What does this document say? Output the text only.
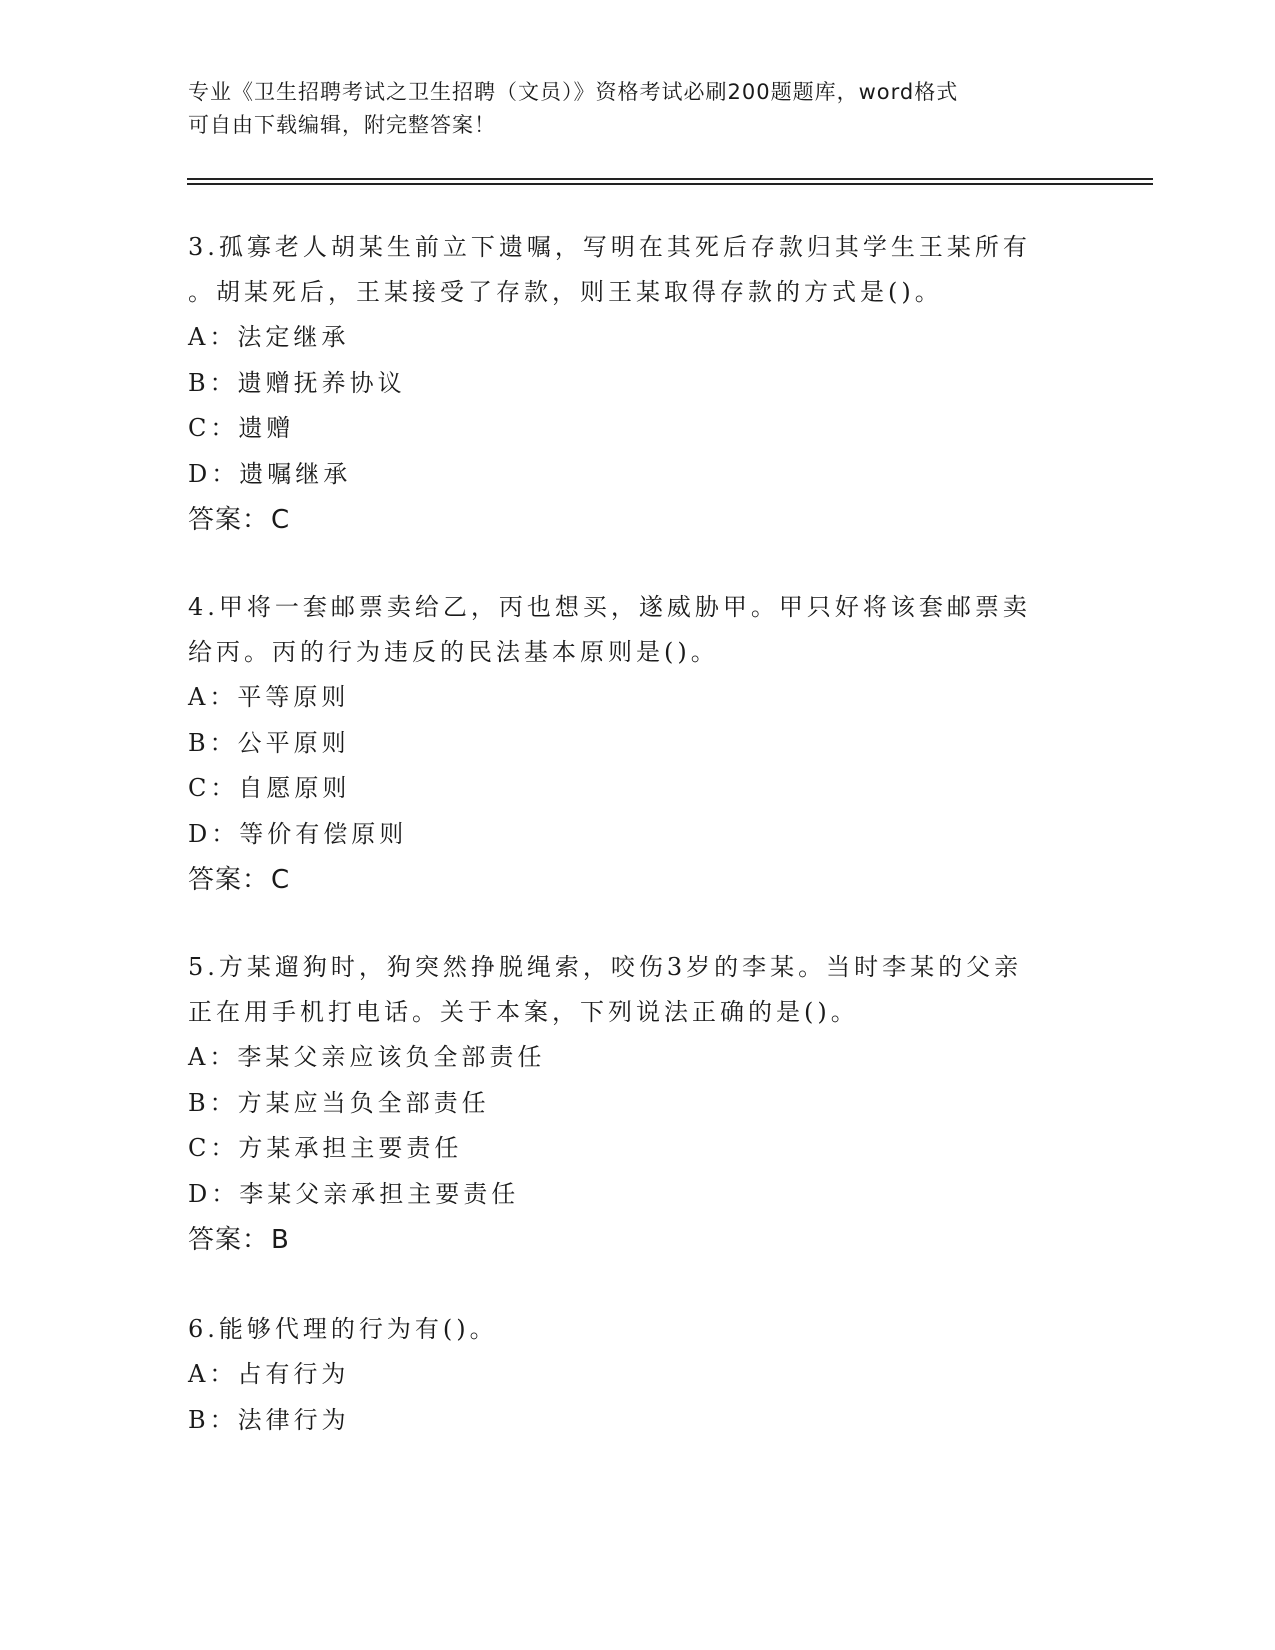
专业《卫生招聘考试之卫生招聘（文员）》资格考试必刷200题题库，word格式
可自由下载编辑，附完整答案！

3.孤寡老人胡某生前立下遗嘱，写明在其死后存款归其学生王某所有

。胡某死后，王某接受了存款，则王某取得存款的方式是()。

A：法定继承

B：遗赠抚养协议

C：遗赠

D：遗嘱继承

答案：C

4.甲将一套邮票卖给乙，丙也想买，遂威胁甲。甲只好将该套邮票卖

给丙。丙的行为违反的民法基本原则是()。

A：平等原则

B：公平原则

C：自愿原则

D：等价有偿原则

答案：C

5.方某遛狗时，狗突然挣脱绳索，咬伤3岁的李某。当时李某的父亲

正在用手机打电话。关于本案，下列说法正确的是()。

A：李某父亲应该负全部责任

B：方某应当负全部责任

C：方某承担主要责任

D：李某父亲承担主要责任

答案：B

6.能够代理的行为有()。

A：占有行为

B：法律行为
